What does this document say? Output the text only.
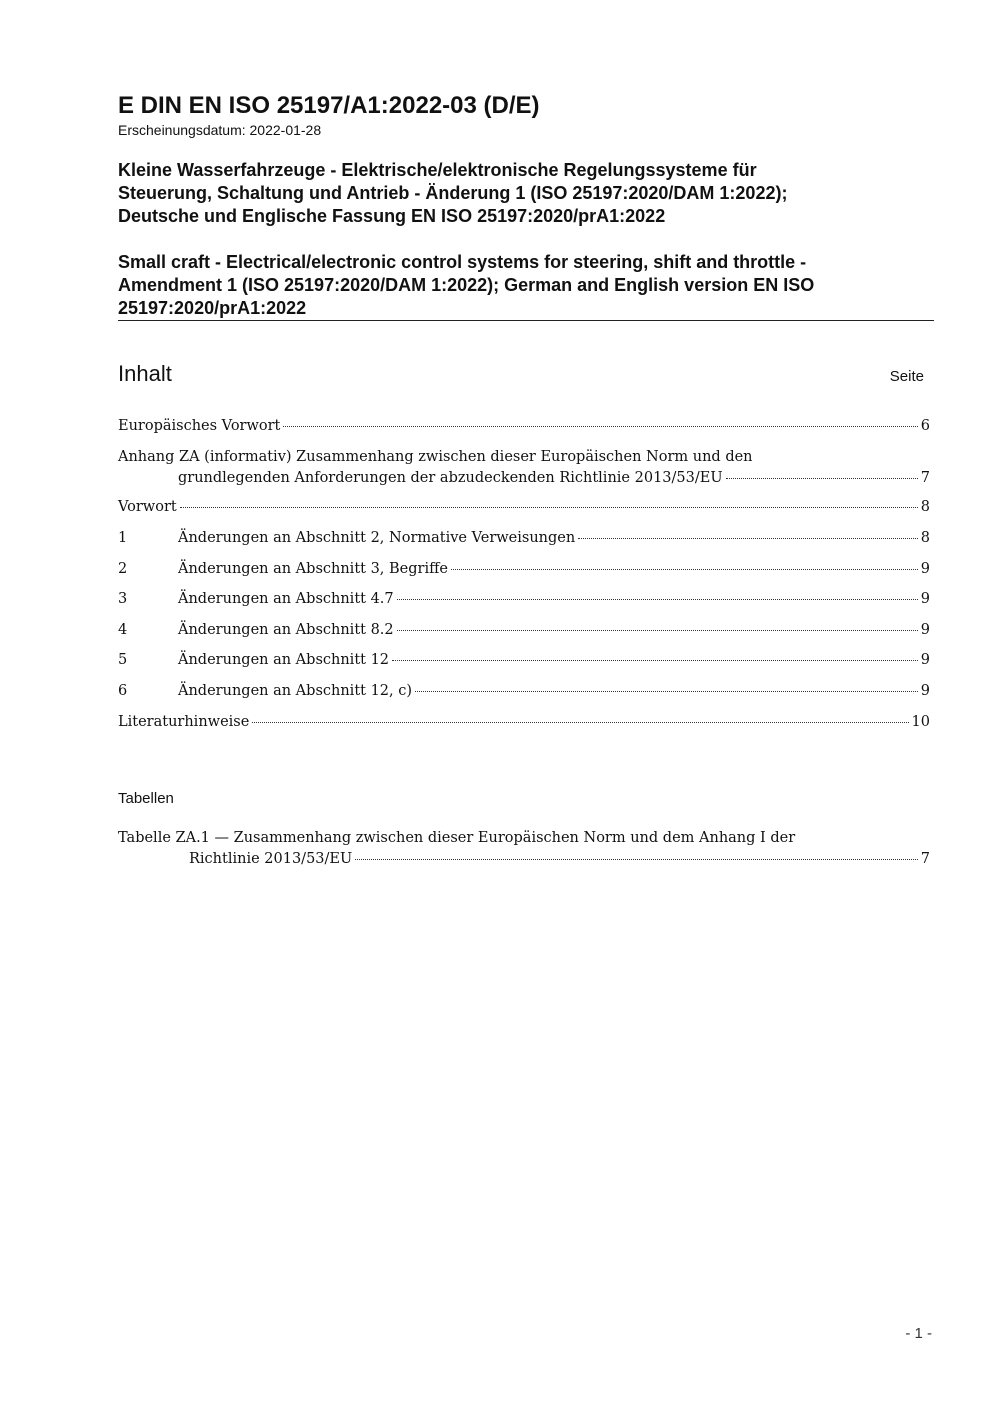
E DIN EN ISO 25197/A1:2022-03 (D/E)
Erscheinungsdatum: 2022-01-28
Kleine Wasserfahrzeuge - Elektrische/elektronische Regelungssysteme für
Steuerung, Schaltung und Antrieb - Änderung 1 (ISO 25197:2020/DAM 1:2022);
Deutsche und Englische Fassung EN ISO 25197:2020/prA1:2022
Small craft - Electrical/electronic control systems for steering, shift and throttle -
Amendment 1 (ISO 25197:2020/DAM 1:2022); German and English version EN ISO
25197:2020/prA1:2022
Inhalt	Seite
Europäisches Vorwort	6
Anhang ZA (informativ) Zusammenhang zwischen dieser Europäischen Norm und den
grundlegenden Anforderungen der abzudeckenden Richtlinie 2013/53/EU	7
Vorwort	8
1	Änderungen an Abschnitt 2, Normative Verweisungen	8
2	Änderungen an Abschnitt 3, Begriffe	9
3	Änderungen an Abschnitt 4.7	9
4	Änderungen an Abschnitt 8.2	9
5	Änderungen an Abschnitt 12	9
6	Änderungen an Abschnitt 12, c)	9
Literaturhinweise	10
Tabellen
Tabelle ZA.1 — Zusammenhang zwischen dieser Europäischen Norm und dem Anhang I der
Richtlinie 2013/53/EU	7
- 1 -
